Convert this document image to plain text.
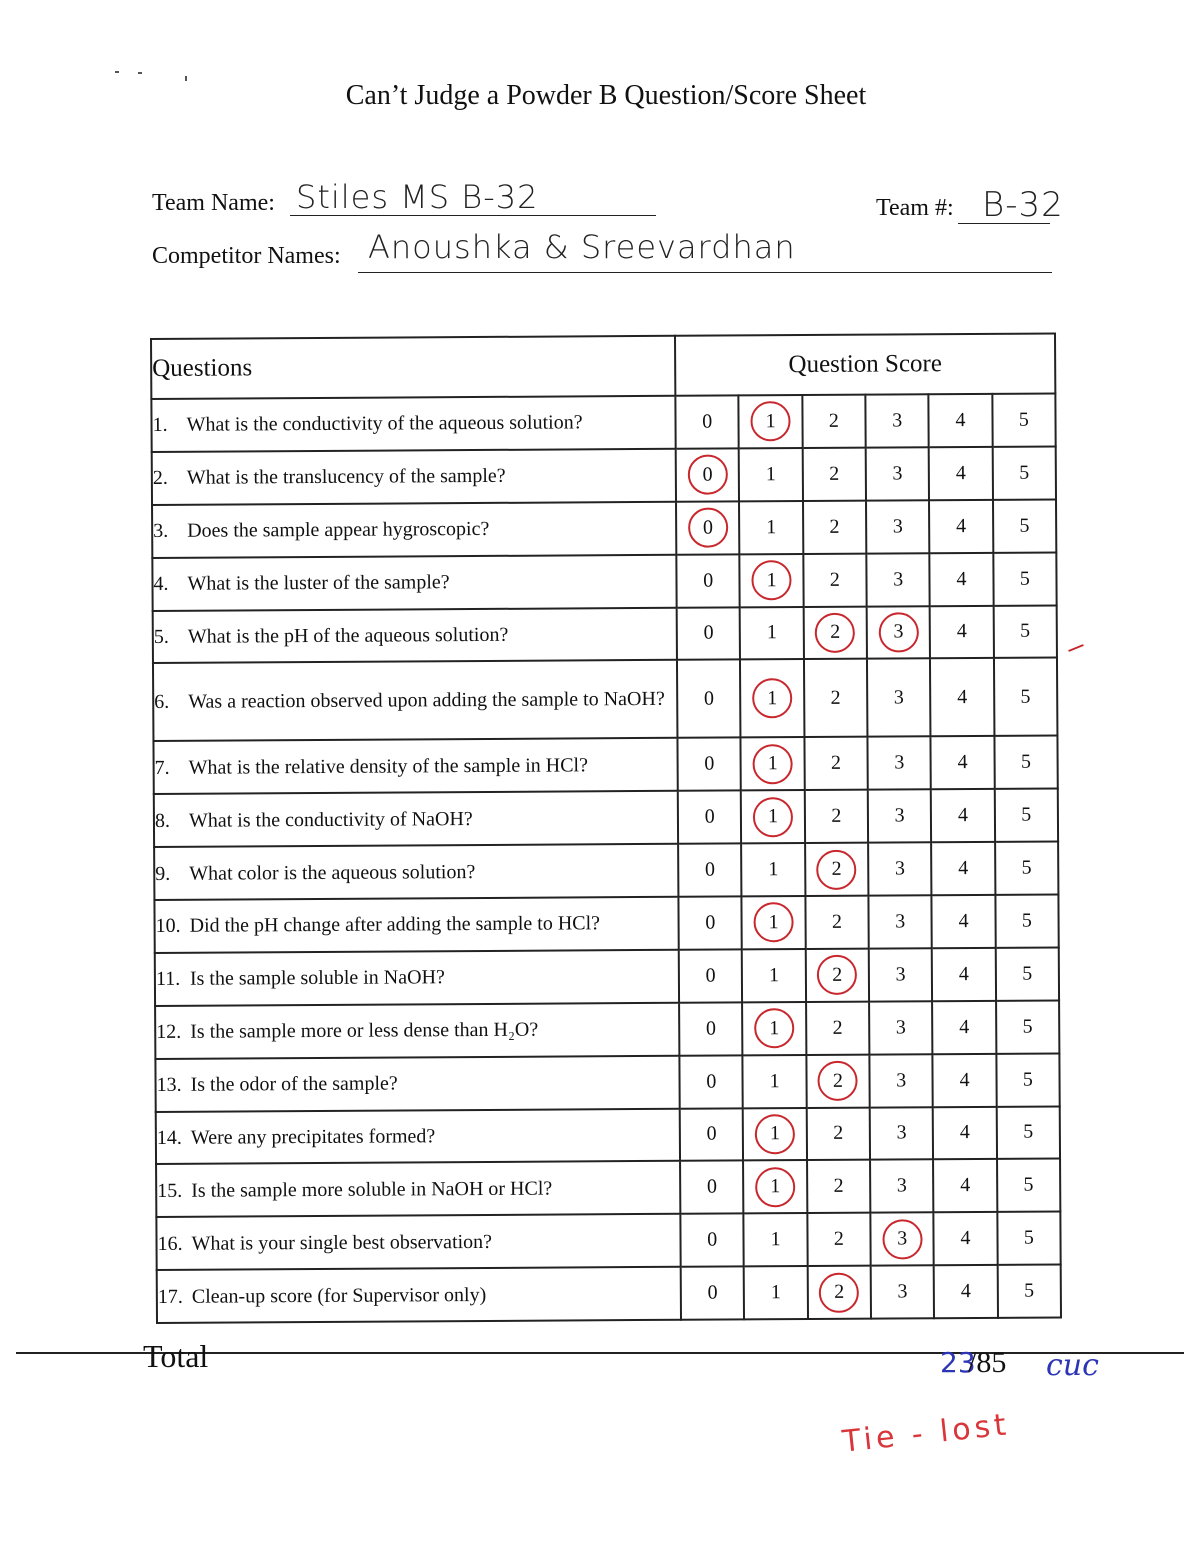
Can’t Judge a Powder B Question/Score Sheet
Team Name: Stiles MS B-32	Team #: B-32
Competitor Names: Anoushka & Sreevardhan
Questions	Question Score					
1. What is the conductivity of the aqueous solution?	0	1	2	3	4	5
2. What is the translucency of the sample?	0	1	2	3	4	5
3. Does the sample appear hygroscopic?	0	1	2	3	4	5
4. What is the luster of the sample?	0	1	2	3	4	5
5. What is the pH of the aqueous solution?	0	1	2	3	4	5
6. Was a reaction observed upon adding the sample to NaOH?	0	1	2	3	4	5
7. What is the relative density of the sample in HCl?	0	1	2	3	4	5
8. What is the conductivity of NaOH?	0	1	2	3	4	5
9. What color is the aqueous solution?	0	1	2	3	4	5
10. Did the pH change after adding the sample to HCl?	0	1	2	3	4	5
11. Is the sample soluble in NaOH?	0	1	2	3	4	5
12. Is the sample more or less dense than H₂O?	0	1	2	3	4	5
13. Is the odor of the sample?	0	1	2	3	4	5
14. Were any precipitates formed?	0	1	2	3	4	5
15. Is the sample more soluble in NaOH or HCl?	0	1	2	3	4	5
16. What is your single best observation?	0	1	2	3	4	5
17. Clean-up score (for Supervisor only)	0	1	2	3	4	5
Total	23
/85 cuc
Tie - lost
